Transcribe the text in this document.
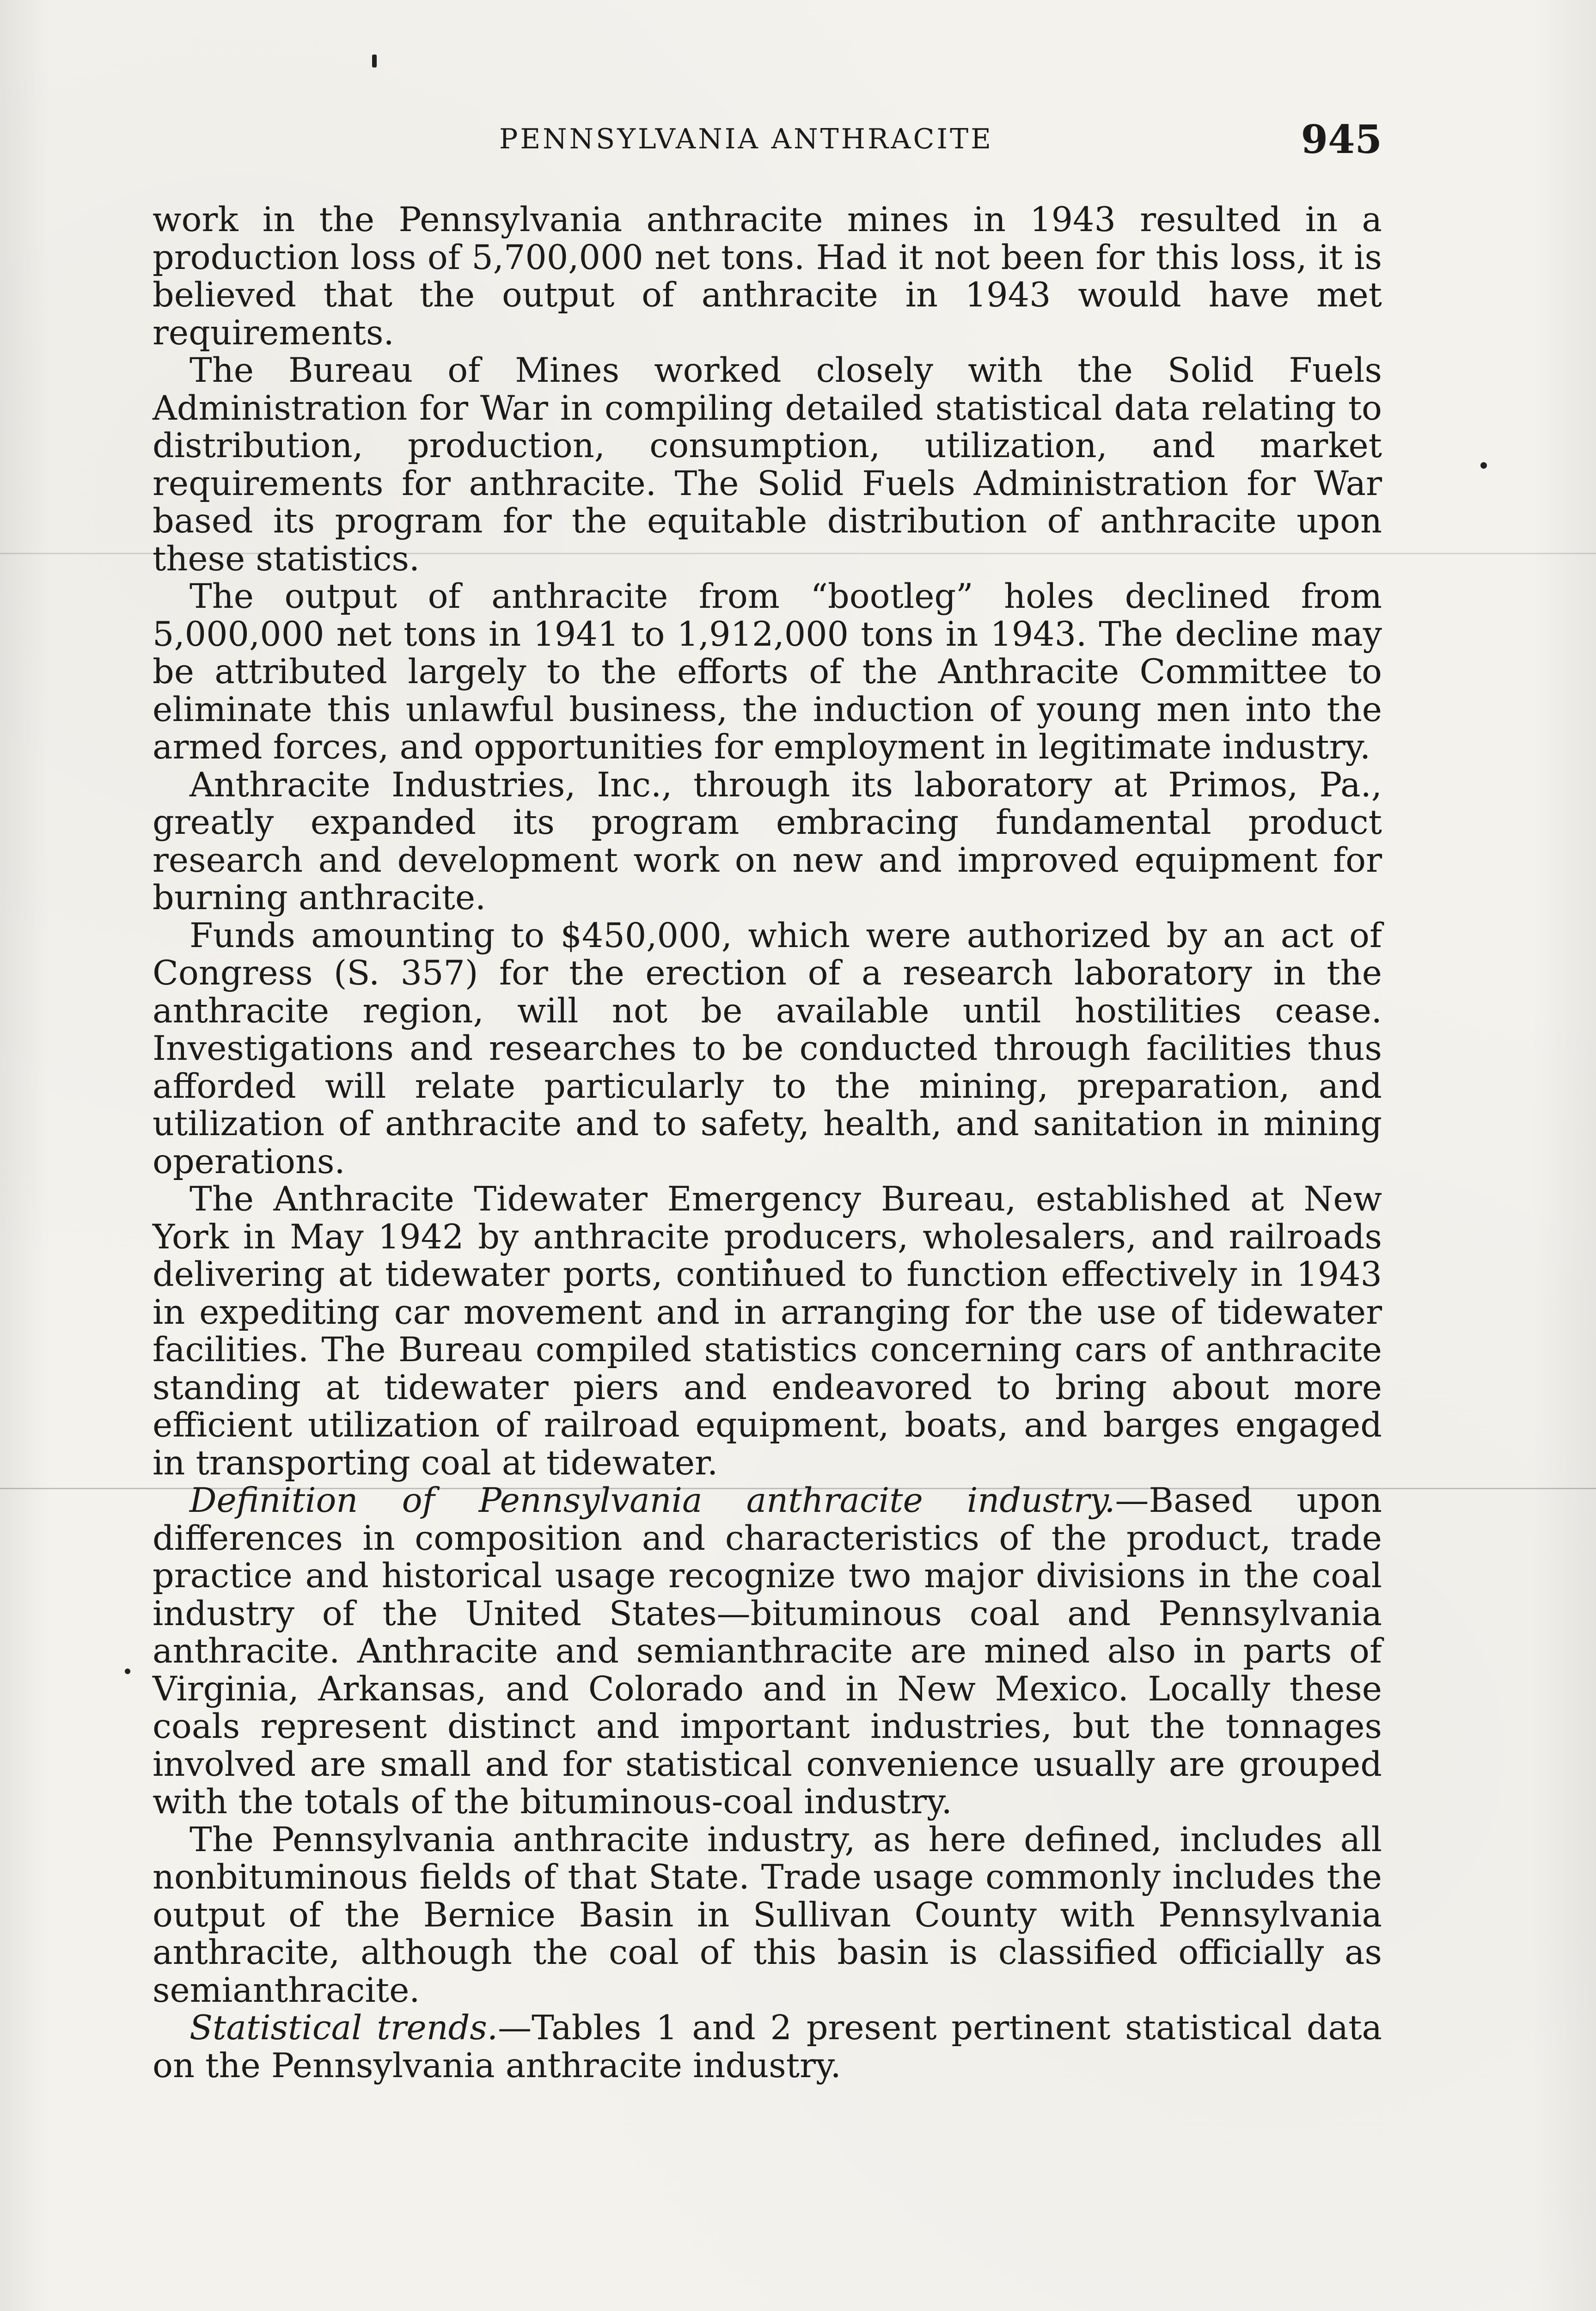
PENNSYLVANIA ANTHRACITE	945

work in the Pennsylvania anthracite mines in 1943 resulted in a production loss of 5,700,000 net tons. Had it not been for this loss, it is believed that the output of anthracite in 1943 would have met requirements.

The Bureau of Mines worked closely with the Solid Fuels Administration for War in compiling detailed statistical data relating to distribution, production, consumption, utilization, and market requirements for anthracite. The Solid Fuels Administration for War based its program for the equitable distribution of anthracite upon these statistics.

The output of anthracite from “bootleg” holes declined from 5,000,000 net tons in 1941 to 1,912,000 tons in 1943. The decline may be attributed largely to the efforts of the Anthracite Committee to eliminate this unlawful business, the induction of young men into the armed forces, and opportunities for employment in legitimate industry.

Anthracite Industries, Inc., through its laboratory at Primos, Pa., greatly expanded its program embracing fundamental product research and development work on new and improved equipment for burning anthracite.

Funds amounting to $450,000, which were authorized by an act of Congress (S. 357) for the erection of a research laboratory in the anthracite region, will not be available until hostilities cease. Investigations and researches to be conducted through facilities thus afforded will relate particularly to the mining, preparation, and utilization of anthracite and to safety, health, and sanitation in mining operations.

The Anthracite Tidewater Emergency Bureau, established at New York in May 1942 by anthracite producers, wholesalers, and railroads delivering at tidewater ports, continued to function effectively in 1943 in expediting car movement and in arranging for the use of tidewater facilities. The Bureau compiled statistics concerning cars of anthracite standing at tidewater piers and endeavored to bring about more efficient utilization of railroad equipment, boats, and barges engaged in transporting coal at tidewater.

Definition of Pennsylvania anthracite industry.—Based upon differences in composition and characteristics of the product, trade practice and historical usage recognize two major divisions in the coal industry of the United States—bituminous coal and Pennsylvania anthracite. Anthracite and semianthracite are mined also in parts of Virginia, Arkansas, and Colorado and in New Mexico. Locally these coals represent distinct and important industries, but the tonnages involved are small and for statistical convenience usually are grouped with the totals of the bituminous-coal industry.

The Pennsylvania anthracite industry, as here defined, includes all nonbituminous fields of that State. Trade usage commonly includes the output of the Bernice Basin in Sullivan County with Pennsylvania anthracite, although the coal of this basin is classified officially as semianthracite.

Statistical trends.—Tables 1 and 2 present pertinent statistical data on the Pennsylvania anthracite industry.
